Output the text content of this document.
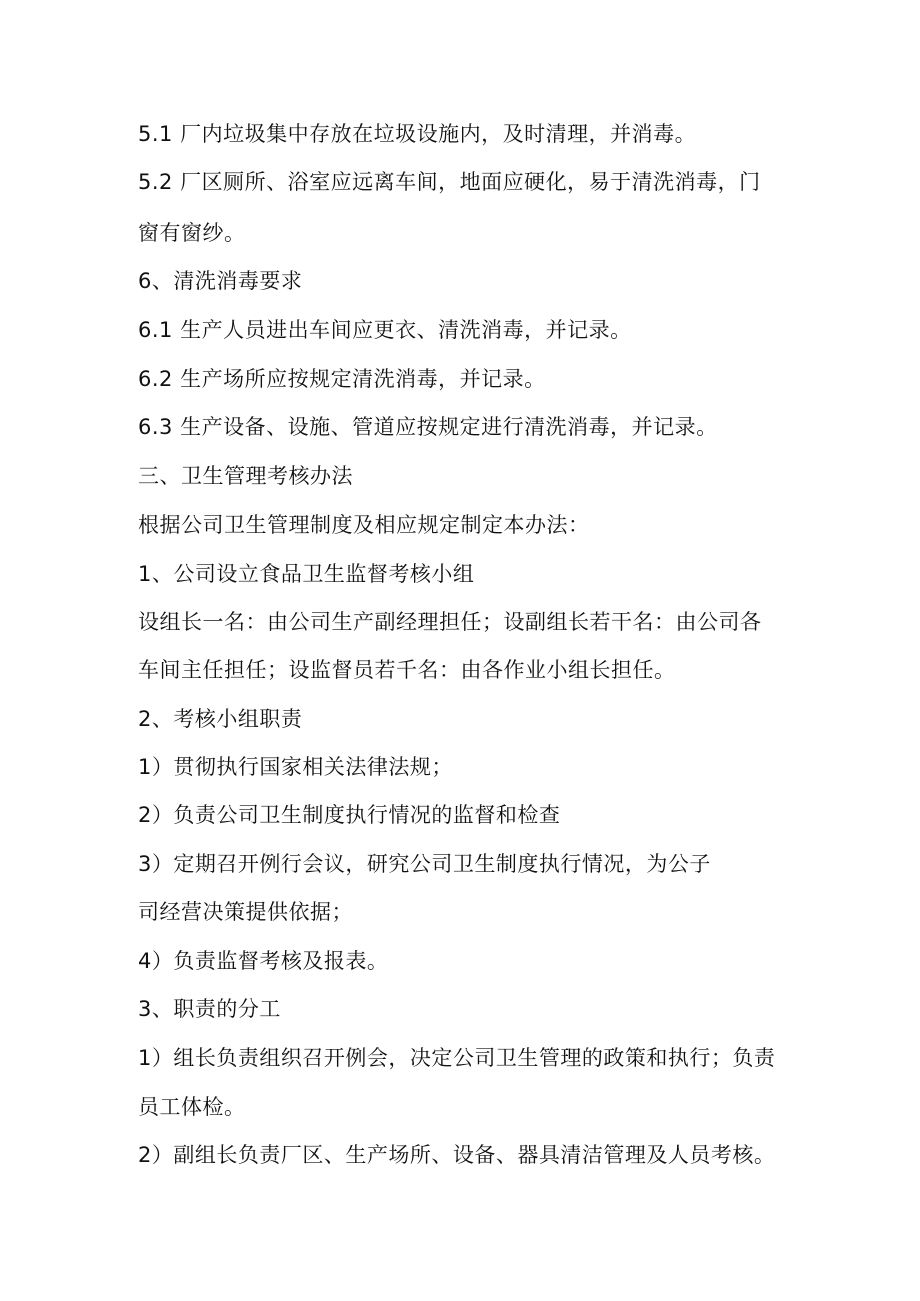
5.1 厂内垃圾集中存放在垃圾设施内，及时清理，并消毒。
5.2 厂区厕所、浴室应远离车间，地面应硬化，易于清洗消毒，门
窗有窗纱。
6、清洗消毒要求
6.1 生产人员进出车间应更衣、清洗消毒，并记录。
6.2 生产场所应按规定清洗消毒，并记录。
6.3 生产设备、设施、管道应按规定进行清洗消毒，并记录。
三、卫生管理考核办法
根据公司卫生管理制度及相应规定制定本办法：
1、公司设立食品卫生监督考核小组
设组长一名：由公司生产副经理担任；设副组长若干名：由公司各
车间主任担任；设监督员若千名：由各作业小组长担任。
2、考核小组职责
1）贯彻执行国家相关法律法规；
2）负责公司卫生制度执行情况的监督和检查
3）定期召开例行会议，研究公司卫生制度执行情况，为公子
司经营决策提供依据；
4）负责监督考核及报表。
3、职责的分工
1）组长负责组织召开例会，决定公司卫生管理的政策和执行；负责
员工体检。
2）副组长负责厂区、生产场所、设备、器具清洁管理及人员考核。
